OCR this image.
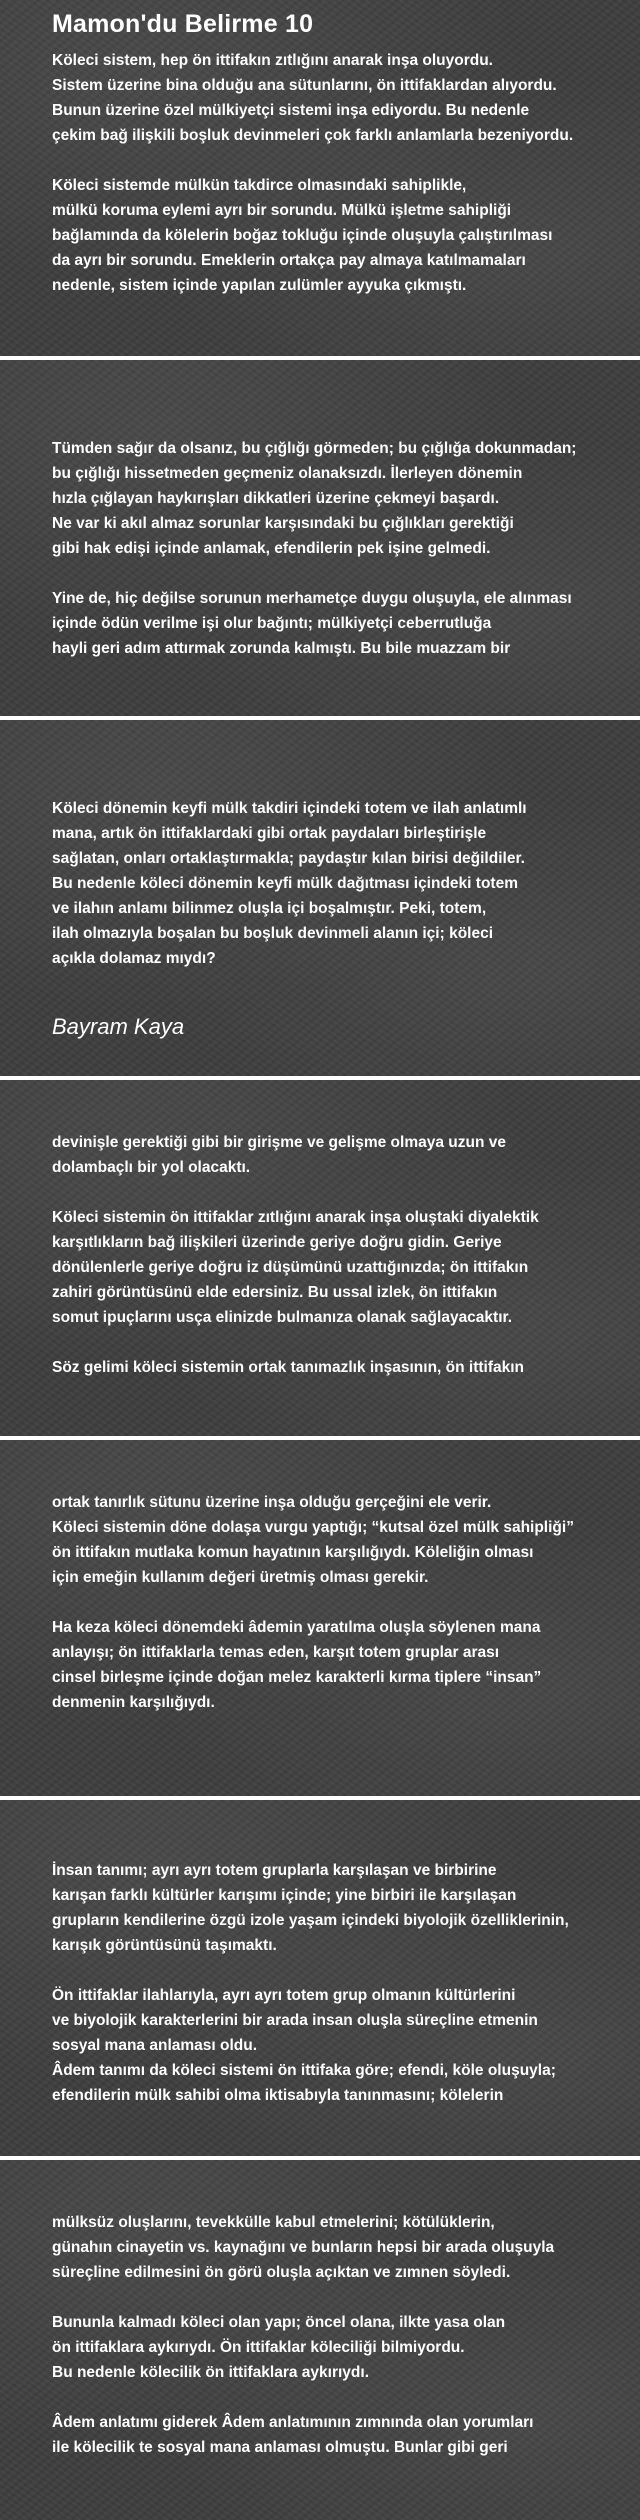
Mamon'du Belirme 10
Köleci sistem, hep ön ittifakın zıtlığını anarak inşa oluyordu.
Sistem üzerine bina olduğu ana sütunlarını, ön ittifaklardan alıyordu.
Bunun üzerine özel mülkiyetçi sistemi inşa ediyordu. Bu nedenle
çekim bağ ilişkili boşluk devinmeleri çok farklı anlamlarla bezeniyordu.

Köleci sistemde mülkün takdirce olmasındaki sahiplikle,
mülkü koruma eylemi ayrı bir sorundu. Mülkü işletme sahipliği
bağlamında da kölelerin boğaz tokluğu içinde oluşuyla çalıştırılması
da ayrı bir sorundu. Emeklerin ortakça pay almaya katılmamaları
nedenle, sistem içinde yapılan zulümler ayyuka çıkmıştı.
Tümden sağır da olsanız, bu çığlığı görmeden; bu çığlığa dokunmadan;
bu çığlığı hissetmeden geçmeniz olanaksızdı. İlerleyen dönemin
hızla çığlayan haykırışları dikkatleri üzerine çekmeyi başardı.
Ne var ki akıl almaz sorunlar karşısındaki bu çığlıkları gerektiği
gibi hak edişi içinde anlamak, efendilerin pek işine gelmedi.

Yine de, hiç değilse sorunun merhametçe duygu oluşuyla, ele alınması
içinde ödün verilme işi olur bağıntı; mülkiyetçi ceberrutluğa
hayli geri adım attırmak zorunda kalmıştı. Bu bile muazzam bir
Köleci dönemin keyfi mülk takdiri içindeki totem ve ilah anlatımlı
mana, artık ön ittifaklardaki gibi ortak paydaları birleştirişle
sağlatan, onları ortaklaştırmakla; paydaştır kılan birisi değildiler.
Bu nedenle köleci dönemin keyfi mülk dağıtması içindeki totem
ve ilahın anlamı bilinmez oluşla içi boşalmıştır. Peki, totem,
ilah olmazıyla boşalan bu boşluk devinmeli alanın içi; köleci
açıkla dolamaz mıydı?
Bayram Kaya
devinişle gerektiği gibi bir girişme ve gelişme olmaya uzun ve
dolambaçlı bir yol olacaktı.

Köleci sistemin ön ittifaklar zıtlığını anarak inşa oluştaki diyalektik
karşıtlıkların bağ ilişkileri üzerinde geriye doğru gidin. Geriye
dönülenlerle geriye doğru iz düşümünü uzattığınızda; ön ittifakın
zahiri görüntüsünü elde edersiniz. Bu ussal izlek, ön ittifakın
somut ipuçlarını usça elinizde bulmanıza olanak sağlayacaktır.

Söz gelimi köleci sistemin ortak tanımazlık inşasının, ön ittifakın
ortak tanırlık sütunu üzerine inşa olduğu gerçeğini ele verir.
Köleci sistemin döne dolaşa vurgu yaptığı; “kutsal özel mülk sahipliği”
ön ittifakın mutlaka komun hayatının karşılığıydı. Köleliğin olması
için emeğin kullanım değeri üretmiş olması gerekir.

Ha keza köleci dönemdeki âdemin yaratılma oluşla söylenen mana
anlayışı; ön ittifaklarla temas eden, karşıt totem gruplar arası
cinsel birleşme içinde doğan melez karakterli kırma tiplere “insan”
denmenin karşılığıydı.
İnsan tanımı; ayrı ayrı totem gruplarla karşılaşan ve birbirine
karışan farklı kültürler karışımı içinde; yine birbiri ile karşılaşan
grupların kendilerine özgü izole yaşam içindeki biyolojik özelliklerinin,
karışık görüntüsünü taşımaktı.

Ön ittifaklar ilahlarıyla, ayrı ayrı totem grup olmanın kültürlerini
ve biyolojik karakterlerini bir arada insan oluşla süreçline etmenin
sosyal mana anlaması oldu.
Âdem tanımı da köleci sistemi ön ittifaka göre; efendi, köle oluşuyla;
efendilerin mülk sahibi olma iktisabıyla tanınmasını; kölelerin
mülksüz oluşlarını, tevekkülle kabul etmelerini; kötülüklerin,
günahın cinayetin vs. kaynağını ve bunların hepsi bir arada oluşuyla
süreçline edilmesini ön görü oluşla açıktan ve zımnen söyledi.

Bununla kalmadı köleci olan yapı; öncel olana, ilkte yasa olan
ön ittifaklara aykırıydı. Ön ittifaklar köleciliği bilmiyordu.
Bu nedenle kölecilik ön ittifaklara aykırıydı.

Âdem anlatımı giderek Âdem anlatımının zımnında olan yorumları
ile kölecilik te sosyal mana anlaması olmuştu. Bunlar gibi geri
